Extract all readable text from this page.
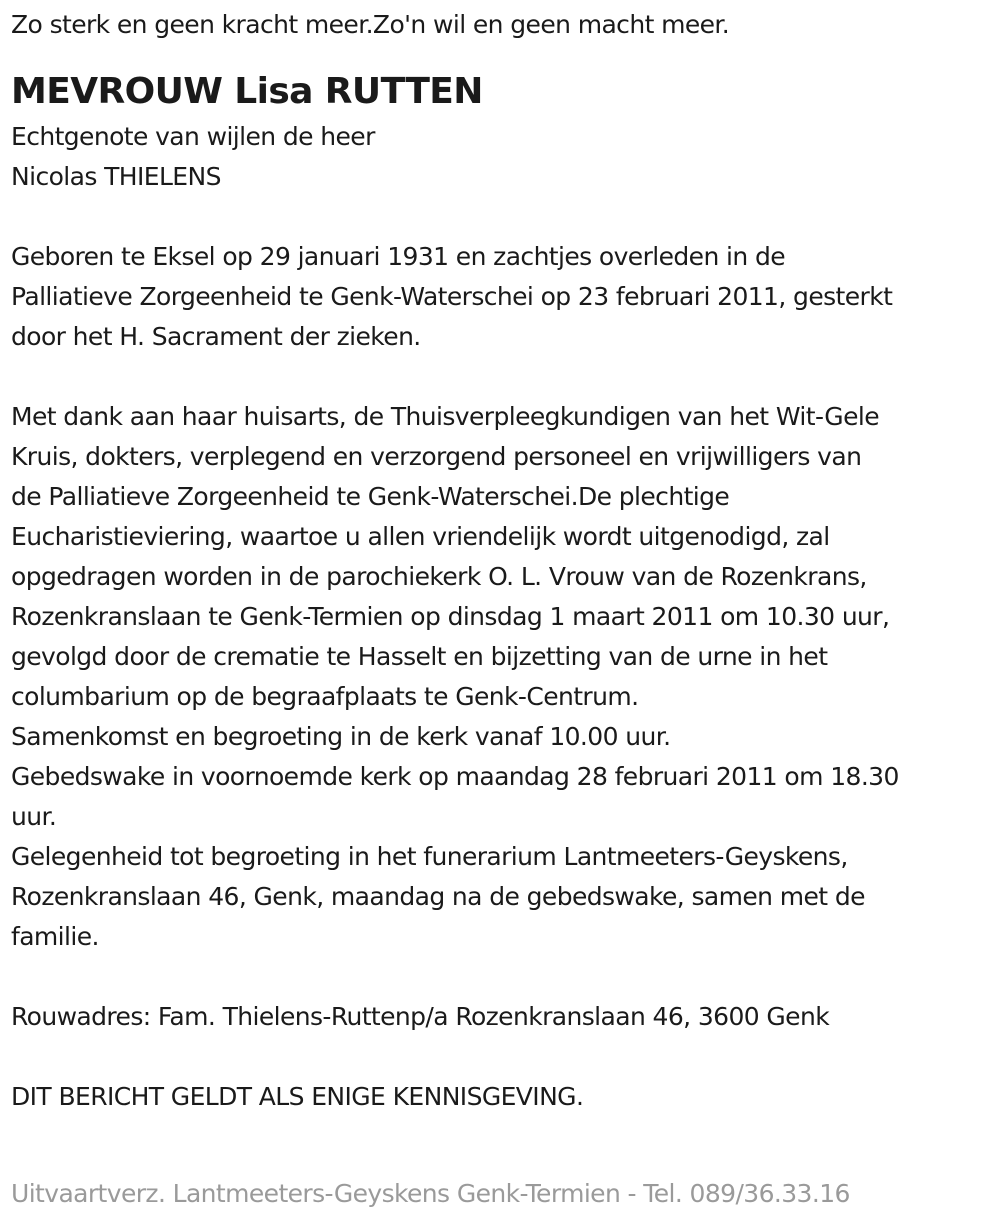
Zo sterk en geen kracht meer.Zo'n wil en geen macht meer.
MEVROUW Lisa RUTTEN
Echtgenote van wijlen de heer
Nicolas THIELENS
Geboren te Eksel op 29 januari 1931 en zachtjes overleden in de
Palliatieve Zorgeenheid te Genk-Waterschei op 23 februari 2011, gesterkt
door het H. Sacrament der zieken.
Met dank aan haar huisarts, de Thuisverpleegkundigen van het Wit-Gele
Kruis, dokters, verplegend en verzorgend personeel en vrijwilligers van
de Palliatieve Zorgeenheid te Genk-Waterschei.De plechtige
Eucharistieviering, waartoe u allen vriendelijk wordt uitgenodigd, zal
opgedragen worden in de parochiekerk O. L. Vrouw van de Rozenkrans,
Rozenkranslaan te Genk-Termien op dinsdag 1 maart 2011 om 10.30 uur,
gevolgd door de crematie te Hasselt en bijzetting van de urne in het
columbarium op de begraafplaats te Genk-Centrum.
Samenkomst en begroeting in de kerk vanaf 10.00 uur.
Gebedswake in voornoemde kerk op maandag 28 februari 2011 om 18.30
uur.
Gelegenheid tot begroeting in het funerarium Lantmeeters-Geyskens,
Rozenkranslaan 46, Genk, maandag na de gebedswake, samen met de
familie.
Rouwadres: Fam. Thielens-Ruttenp/a Rozenkranslaan 46, 3600 Genk
DIT BERICHT GELDT ALS ENIGE KENNISGEVING.
Uitvaartverz. Lantmeeters-Geyskens Genk-Termien - Tel. 089/36.33.16
